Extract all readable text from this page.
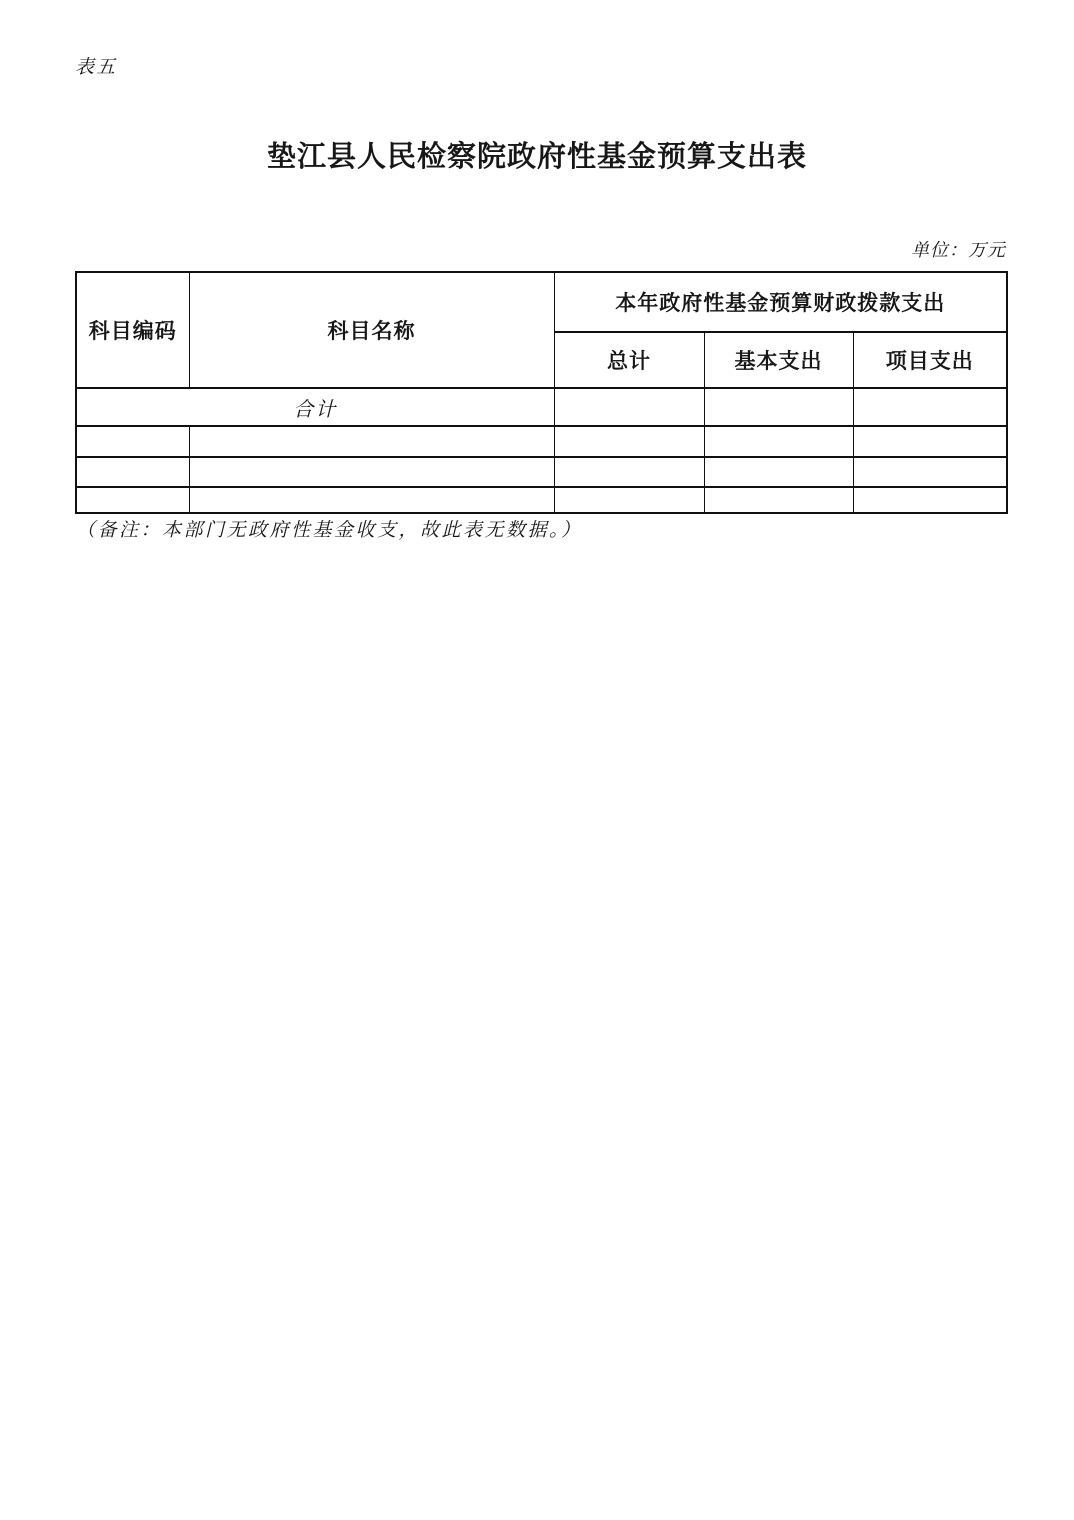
表五
垫江县人民检察院政府性基金预算支出表
单位：万元
科目编码	科目名称	本年政府性基金预算财政拨款支出		
		总计	基本支出	项目支出
合计				

（备注：本部门无政府性基金收支，故此表无数据。）
